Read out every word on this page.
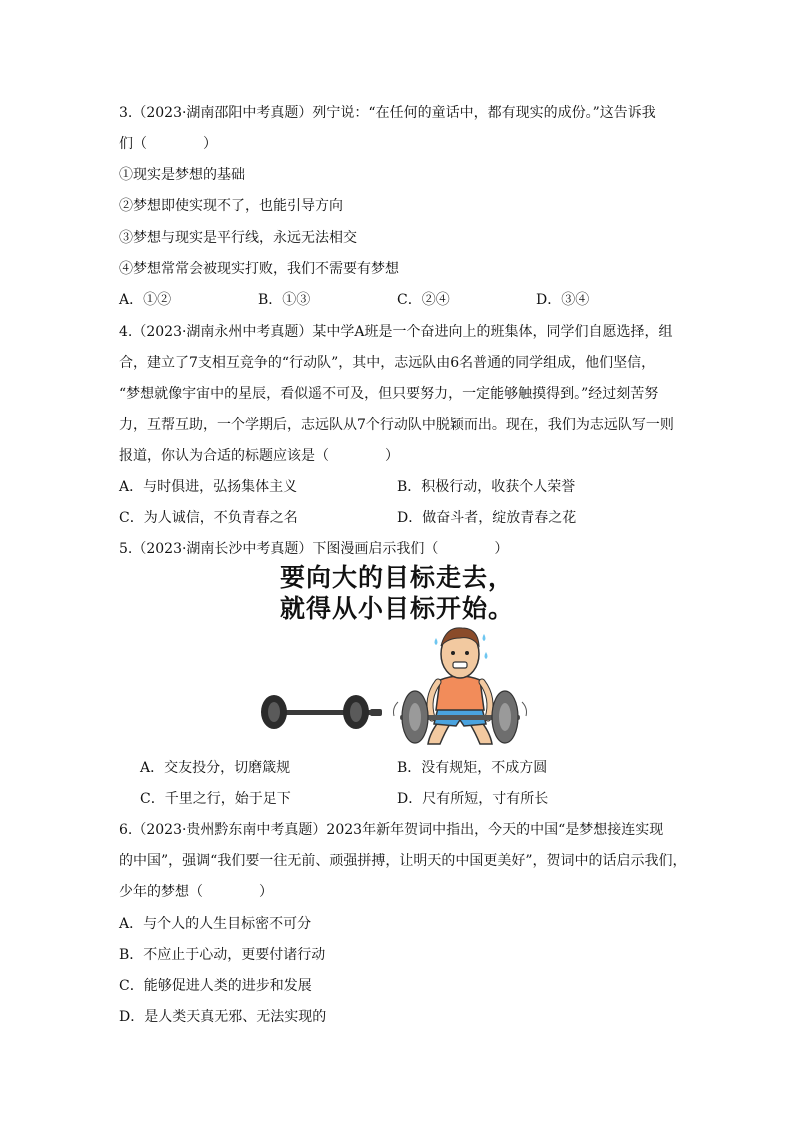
3.（2023·湖南邵阳中考真题）列宁说：“在任何的童话中，都有现实的成份。”这告诉我
们（　　　　）
①现实是梦想的基础
②梦想即使实现不了，也能引导方向
③梦想与现实是平行线，永远无法相交
④梦想常常会被现实打败，我们不需要有梦想
A．①②	B．①③	C．②④	D．③④
4.（2023·湖南永州中考真题）某中学A班是一个奋进向上的班集体，同学们自愿选择，组
合，建立了7支相互竞争的“行动队”，其中，志远队由6名普通的同学组成，他们坚信，
“梦想就像宇宙中的星辰，看似遥不可及，但只要努力，一定能够触摸得到。”经过刻苦努
力，互帮互助，一个学期后，志远队从7个行动队中脱颖而出。现在，我们为志远队写一则
报道，你认为合适的标题应该是（　　　　）
A．与时俱进，弘扬集体主义	B．积极行动，收获个人荣誉
C．为人诚信，不负青春之名	D．做奋斗者，绽放青春之花
5.（2023·湖南长沙中考真题）下图漫画启示我们（　　　　）
要向大的目标走去，
就得从小目标开始。
A．交友投分，切磨箴规	B．没有规矩，不成方圆
C．千里之行，始于足下	D．尺有所短，寸有所长
6.（2023·贵州黔东南中考真题）2023年新年贺词中指出，今天的中国“是梦想接连实现
的中国”，强调“我们要一往无前、顽强拼搏，让明天的中国更美好”，贺词中的话启示我们，
少年的梦想（　　　　）
A．与个人的人生目标密不可分
B．不应止于心动，更要付诸行动
C．能够促进人类的进步和发展
D．是人类天真无邪、无法实现的
